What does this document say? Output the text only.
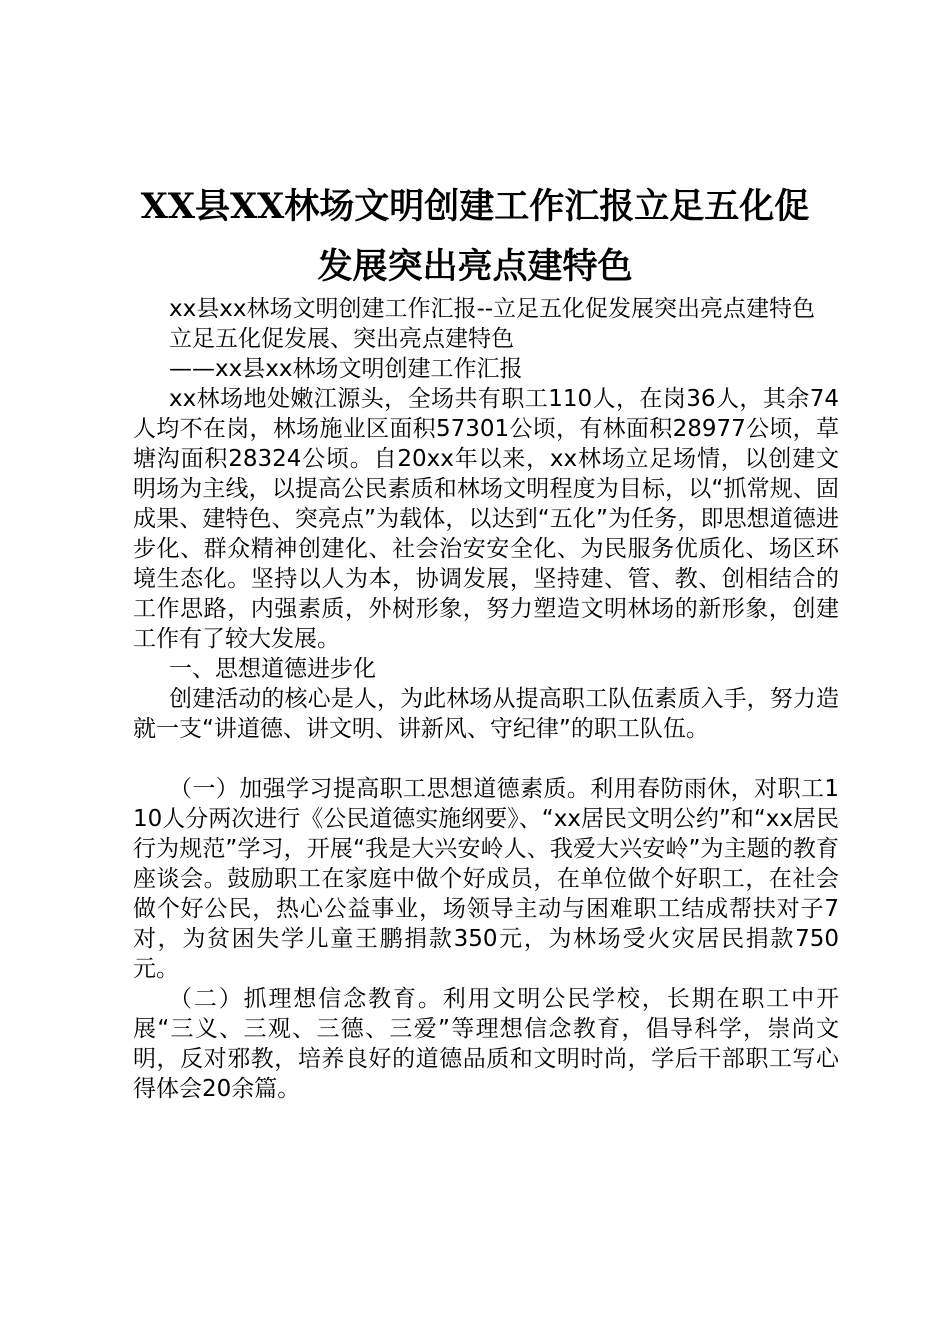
XX县XX林场文明创建工作汇报立足五化促
发展突出亮点建特色

xx县xx林场文明创建工作汇报--立足五化促发展突出亮点建特色

立足五化促发展、突出亮点建特色

——xx县xx林场文明创建工作汇报

xx林场地处嫩江源头，全场共有职工110人，在岗36人，其余74人均不在岗，林场施业区面积57301公顷，有林面积28977公顷，草塘沟面积28324公顷。自20xx年以来，xx林场立足场情，以创建文明场为主线，以提高公民素质和林场文明程度为目标，以“抓常规、固成果、建特色、突亮点”为载体，以达到“五化”为任务，即思想道德进步化、群众精神创建化、社会治安安全化、为民服务优质化、场区环境生态化。坚持以人为本，协调发展，坚持建、管、教、创相结合的工作思路，内强素质，外树形象，努力塑造文明林场的新形象，创建工作有了较大发展。

一、思想道德进步化

创建活动的核心是人，为此林场从提高职工队伍素质入手，努力造就一支“讲道德、讲文明、讲新风、守纪律”的职工队伍。

（一）加强学习提高职工思想道德素质。利用春防雨休，对职工110人分两次进行《公民道德实施纲要》、“xx居民文明公约”和“xx居民行为规范”学习，开展“我是大兴安岭人、我爱大兴安岭”为主题的教育座谈会。鼓励职工在家庭中做个好成员，在单位做个好职工，在社会做个好公民，热心公益事业，场领导主动与困难职工结成帮扶对子7对，为贫困失学儿童王鹏捐款350元，为林场受火灾居民捐款750元。

（二）抓理想信念教育。利用文明公民学校，长期在职工中开展“三义、三观、三德、三爱”等理想信念教育，倡导科学，崇尚文明，反对邪教，培养良好的道德品质和文明时尚，学后干部职工写心得体会20余篇。
